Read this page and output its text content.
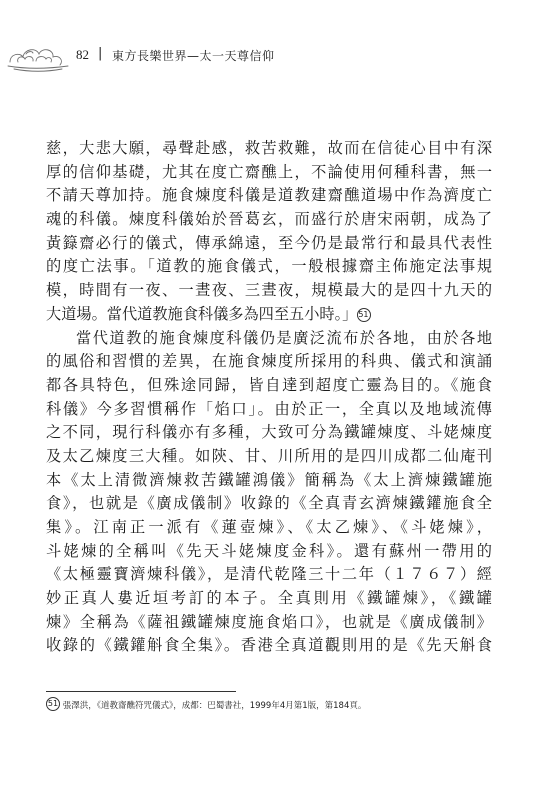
82 | 東方長樂世界—太一天尊信仰
慈，大悲大願，尋聲赴感，救苦救難，故而在信徒心目中有深
厚的信仰基礎，尤其在度亡齋醮上，不論使用何種科書，無一
不請天尊加持。施食煉度科儀是道教建齋醮道場中作為濟度亡
魂的科儀。煉度科儀始於晉葛玄，而盛行於唐宋兩朝，成為了
黃籙齋必行的儀式，傳承綿遠，至今仍是最常行和最具代表性
的度亡法事。「道教的施食儀式，一般根據齋主佈施定法事規
模，時間有一夜、一晝夜、三晝夜，規模最大的是四十九天的
大道場。當代道教施食科儀多為四至五小時。」51
當代道教的施食煉度科儀仍是廣泛流布於各地，由於各地
的風俗和習慣的差異，在施食煉度所採用的科典、儀式和演誦
都各具特色，但殊途同歸，皆自達到超度亡靈為目的。《施食
科儀》今多習慣稱作「焰口」。由於正一，全真以及地域流傳
之不同，現行科儀亦有多種，大致可分為鐵罐煉度、斗姥煉度
及太乙煉度三大種。如陝、甘、川所用的是四川成都二仙庵刊
本《太上清微濟煉救苦鐵罐鴻儀》簡稱為《太上濟煉鐵罐施
食》，也就是《廣成儀制》收錄的《全真青玄濟煉鐵鑵施食全
集》。江南正一派有《蓮壺煉》、《太乙煉》、《斗姥煉》，
斗姥煉的全稱叫《先天斗姥煉度金科》。還有蘇州一帶用的
《太極靈寶濟煉科儀》，是清代乾隆三十二年（１７６７）經
妙正真人婁近垣考訂的本子。全真則用《鐵罐煉》，《鐵罐
煉》全稱為《薩祖鐵罐煉度施食焰口》，也就是《廣成儀制》
收錄的《鐵鑵斛食全集》。香港全真道觀則用的是《先天斛食
51 張澤洪，《道教齋醮符咒儀式》，成都：巴蜀書社，1999年4月第1版，第184頁。
